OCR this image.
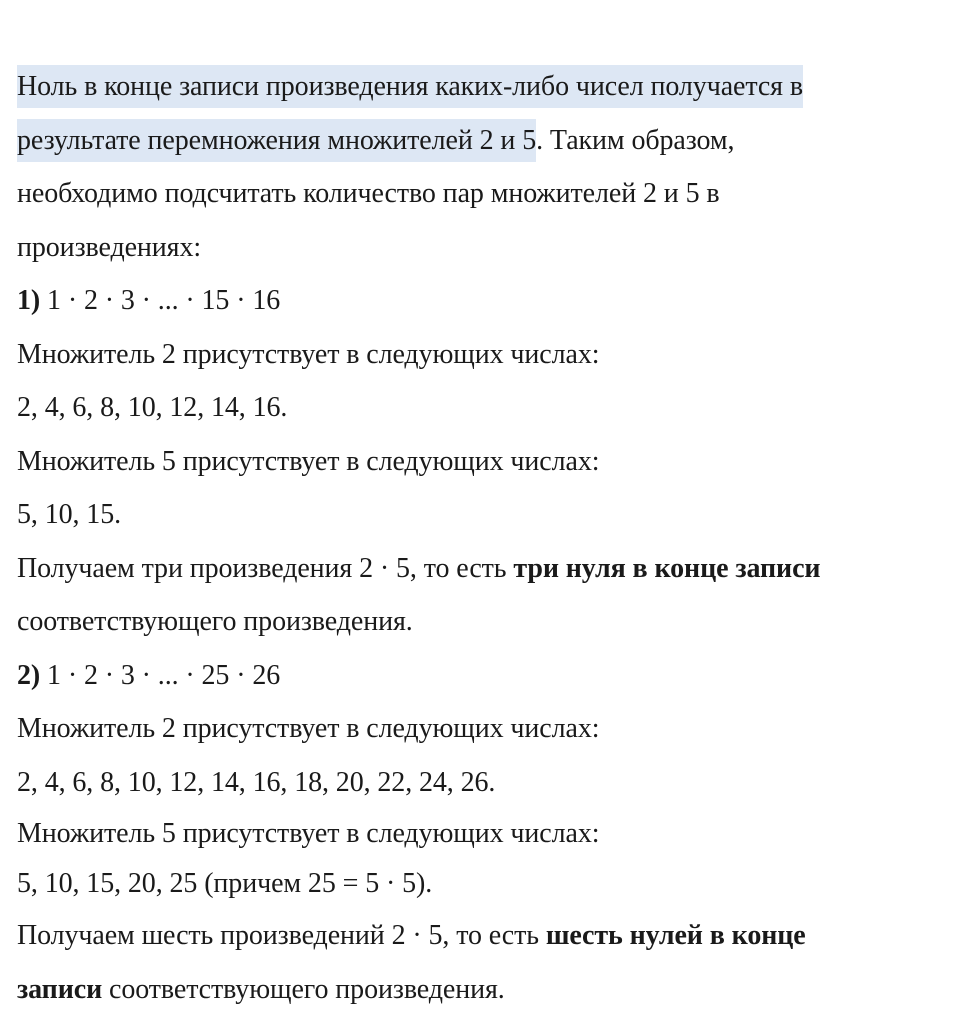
Ноль в конце записи произведения каких-либо чисел получается в
результате перемножения множителей 2 и 5. Таким образом,
необходимо подсчитать количество пар множителей 2 и 5 в
произведениях:
1) 1 · 2 · 3 · ... · 15 · 16
Множитель 2 присутствует в следующих числах:
2, 4, 6, 8, 10, 12, 14, 16.
Множитель 5 присутствует в следующих числах:
5, 10, 15.
Получаем три произведения 2 · 5, то есть три нуля в конце записи
соответствующего произведения.
2) 1 · 2 · 3 · ... · 25 · 26
Множитель 2 присутствует в следующих числах:
2, 4, 6, 8, 10, 12, 14, 16, 18, 20, 22, 24, 26.
Множитель 5 присутствует в следующих числах:
5, 10, 15, 20, 25 (причем 25 = 5 · 5).
Получаем шесть произведений 2 · 5, то есть шесть нулей в конце
записи соответствующего произведения.
